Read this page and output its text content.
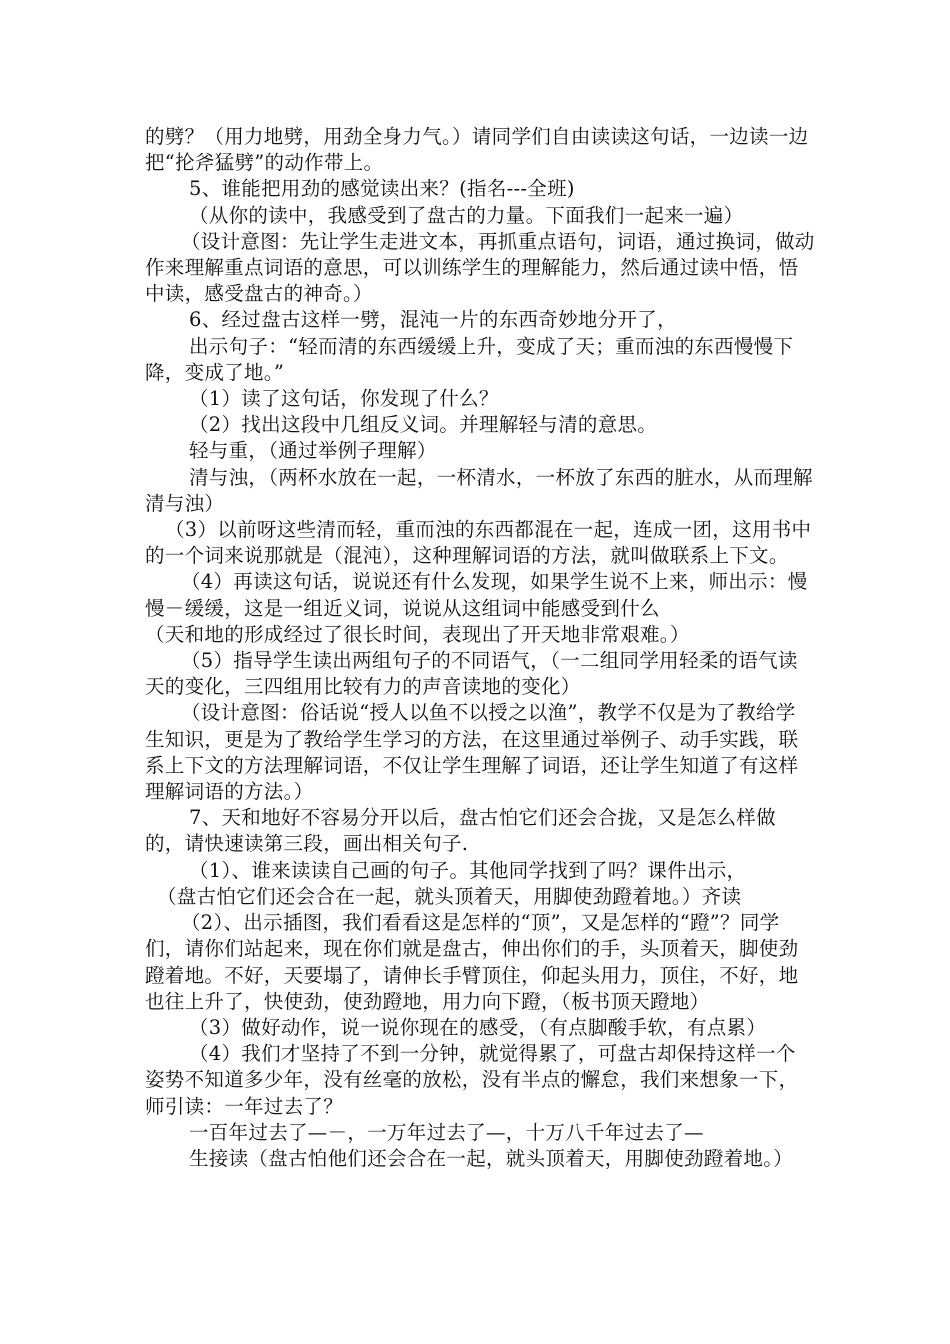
的劈？（用力地劈，用劲全身力气。）请同学们自由读读这句话，一边读一边把“抡斧猛劈”的动作带上。

5、谁能把用劲的感觉读出来？(指名---全班)

（从你的读中，我感受到了盘古的力量。下面我们一起来一遍）

（设计意图：先让学生走进文本，再抓重点语句，词语，通过换词，做动作来理解重点词语的意思，可以训练学生的理解能力，然后通过读中悟，悟中读，感受盘古的神奇。）

6、经过盘古这样一劈，混沌一片的东西奇妙地分开了，

出示句子：“轻而清的东西缓缓上升，变成了天；重而浊的东西慢慢下降，变成了地。”

（1）读了这句话，你发现了什么？

（2）找出这段中几组反义词。并理解轻与清的意思。

轻与重，（通过举例子理解）

清与浊，（两杯水放在一起，一杯清水，一杯放了东西的脏水，从而理解清与浊）

（3）以前呀这些清而轻，重而浊的东西都混在一起，连成一团，这用书中的一个词来说那就是（混沌），这种理解词语的方法，就叫做联系上下文。

（4）再读这句话，说说还有什么发现，如果学生说不上来，师出示：慢慢－缓缓，这是一组近义词，说说从这组词中能感受到什么

（天和地的形成经过了很长时间，表现出了开天地非常艰难。）

（5）指导学生读出两组句子的不同语气，（一二组同学用轻柔的语气读天的变化，三四组用比较有力的声音读地的变化）

（设计意图：俗话说“授人以鱼不以授之以渔”，教学不仅是为了教给学生知识，更是为了教给学生学习的方法，在这里通过举例子、动手实践，联系上下文的方法理解词语，不仅让学生理解了词语，还让学生知道了有这样理解词语的方法。）

7、天和地好不容易分开以后，盘古怕它们还会合拢，又是怎么样做的，请快速读第三段，画出相关句子.

（1）、谁来读读自己画的句子。其他同学找到了吗？课件出示，

（盘古怕它们还会合在一起，就头顶着天，用脚使劲蹬着地。）齐读

（2）、出示插图，我们看看这是怎样的“顶”，又是怎样的“蹬”？同学们，请你们站起来，现在你们就是盘古，伸出你们的手，头顶着天，脚使劲蹬着地。不好，天要塌了，请伸长手臂顶住，仰起头用力，顶住，不好，地也往上升了，快使劲，使劲蹬地，用力向下蹬，（板书顶天蹬地）

（3）做好动作，说一说你现在的感受，（有点脚酸手软，有点累）

（4）我们才坚持了不到一分钟，就觉得累了，可盘古却保持这样一个姿势不知道多少年，没有丝毫的放松，没有半点的懈怠，我们来想象一下，师引读：一年过去了？

一百年过去了—－，一万年过去了—，十万八千年过去了—

生接读（盘古怕他们还会合在一起，就头顶着天，用脚使劲蹬着地。）
